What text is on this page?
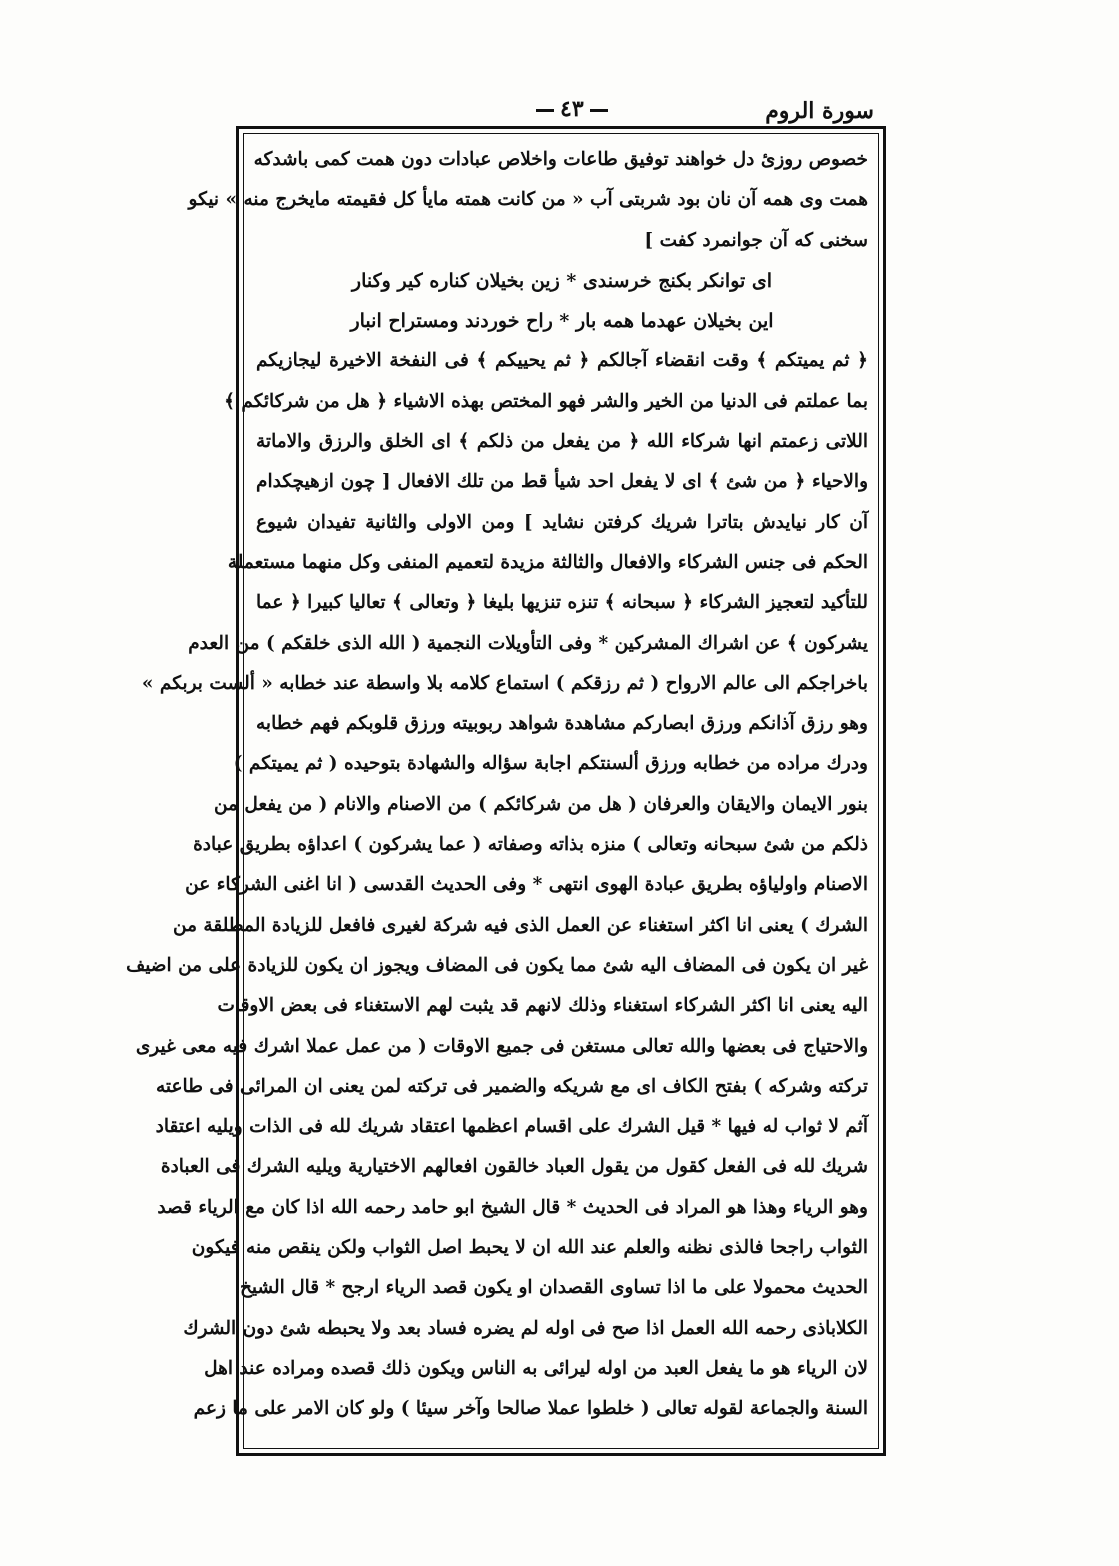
سورة الروم
٤٣
خصوص روزىٔ دل خواهند توفيق طاعات واخلاص عبادات دون همت كمى باشدكه
همت وى همه آن نان بود شربتى آب « من كانت همته مايأ كل فقيمته مايخرج منه » نيكو
سخنى كه آن جوانمرد كفت ]
اى توانكر بكنج خرسندى * زين بخيلان كناره كير وكنار
اين بخيلان عهدما همه بار * راح خوردند ومستراح انبار
﴿ ثم يميتكم ﴾ وقت انقضاء آجالكم ﴿ ثم يحييكم ﴾ فى النفخة الاخيرة ليجازيكم
بما عملتم فى الدنيا من الخير والشر فهو المختص بهذه الاشياء ﴿ هل من شركائكم ﴾
اللاتى زعمتم انها شركاء الله ﴿ من يفعل من ذلكم ﴾ اى الخلق والرزق والاماتة
والاحياء ﴿ من شئ ﴾ اى لا يفعل احد شيأ قط من تلك الافعال [ چون ازهيچكدام
آن كار نيايدش بتاترا شريك كرفتن نشايد ] ومن الاولى والثانية تفيدان شيوع
الحكم فى جنس الشركاء والافعال والثالثة مزيدة لتعميم المنفى وكل منهما مستعملة
للتأكيد لتعجيز الشركاء ﴿ سبحانه ﴾ تنزه تنزيها بليغا ﴿ وتعالى ﴾ تعاليا كبيرا ﴿ عما
يشركون ﴾ عن اشراك المشركين * وفى التأويلات النجمية ( الله الذى خلقكم ) من العدم
باخراجكم الى عالم الارواح ( ثم رزقكم ) استماع كلامه بلا واسطة عند خطابه « ألست بربكم »
وهو رزق آذانكم ورزق ابصاركم مشاهدة شواهد ربوبيته ورزق قلوبكم فهم خطابه
ودرك مراده من خطابه ورزق ألسنتكم اجابة سؤاله والشهادة بتوحيده ( ثم يميتكم )
بنور الايمان والايقان والعرفان ( هل من شركائكم ) من الاصنام والانام ( من يفعل من
ذلكم من شئ سبحانه وتعالى ) منزه بذاته وصفاته ( عما يشركون ) اعداؤه بطريق عبادة
الاصنام واولياؤه بطريق عبادة الهوى انتهى * وفى الحديث القدسى ( انا اغنى الشركاء عن
الشرك ) يعنى انا اكثر استغناء عن العمل الذى فيه شركة لغيرى فافعل للزيادة المطلقة من
غير ان يكون فى المضاف اليه شئ مما يكون فى المضاف ويجوز ان يكون للزيادة على من اضيف
اليه يعنى انا اكثر الشركاء استغناء وذلك لانهم قد يثبت لهم الاستغناء فى بعض الاوقات
والاحتياج فى بعضها والله تعالى مستغن فى جميع الاوقات ( من عمل عملا اشرك فيه معى غيرى
تركته وشركه ) بفتح الكاف اى مع شريكه والضمير فى تركته لمن يعنى ان المرائى فى طاعته
آثم لا ثواب له فيها * قيل الشرك على اقسام اعظمها اعتقاد شريك لله فى الذات ويليه اعتقاد
شريك لله فى الفعل كقول من يقول العباد خالقون افعالهم الاختيارية ويليه الشرك فى العبادة
وهو الرياء وهذا هو المراد فى الحديث * قال الشيخ ابو حامد رحمه الله اذا كان مع الرياء قصد
الثواب راجحا فالذى نظنه والعلم عند الله ان لا يحبط اصل الثواب ولكن ينقص منه فيكون
الحديث محمولا على ما اذا تساوى القصدان او يكون قصد الرياء ارجح * قال الشيخ
الكلاباذى رحمه الله العمل اذا صح فى اوله لم يضره فساد بعد ولا يحبطه شئ دون الشرك
لان الرياء هو ما يفعل العبد من اوله ليرائى به الناس ويكون ذلك قصده ومراده عند اهل
السنة والجماعة لقوله تعالى ( خلطوا عملا صالحا وآخر سيئا ) ولو كان الامر على ما زعم
